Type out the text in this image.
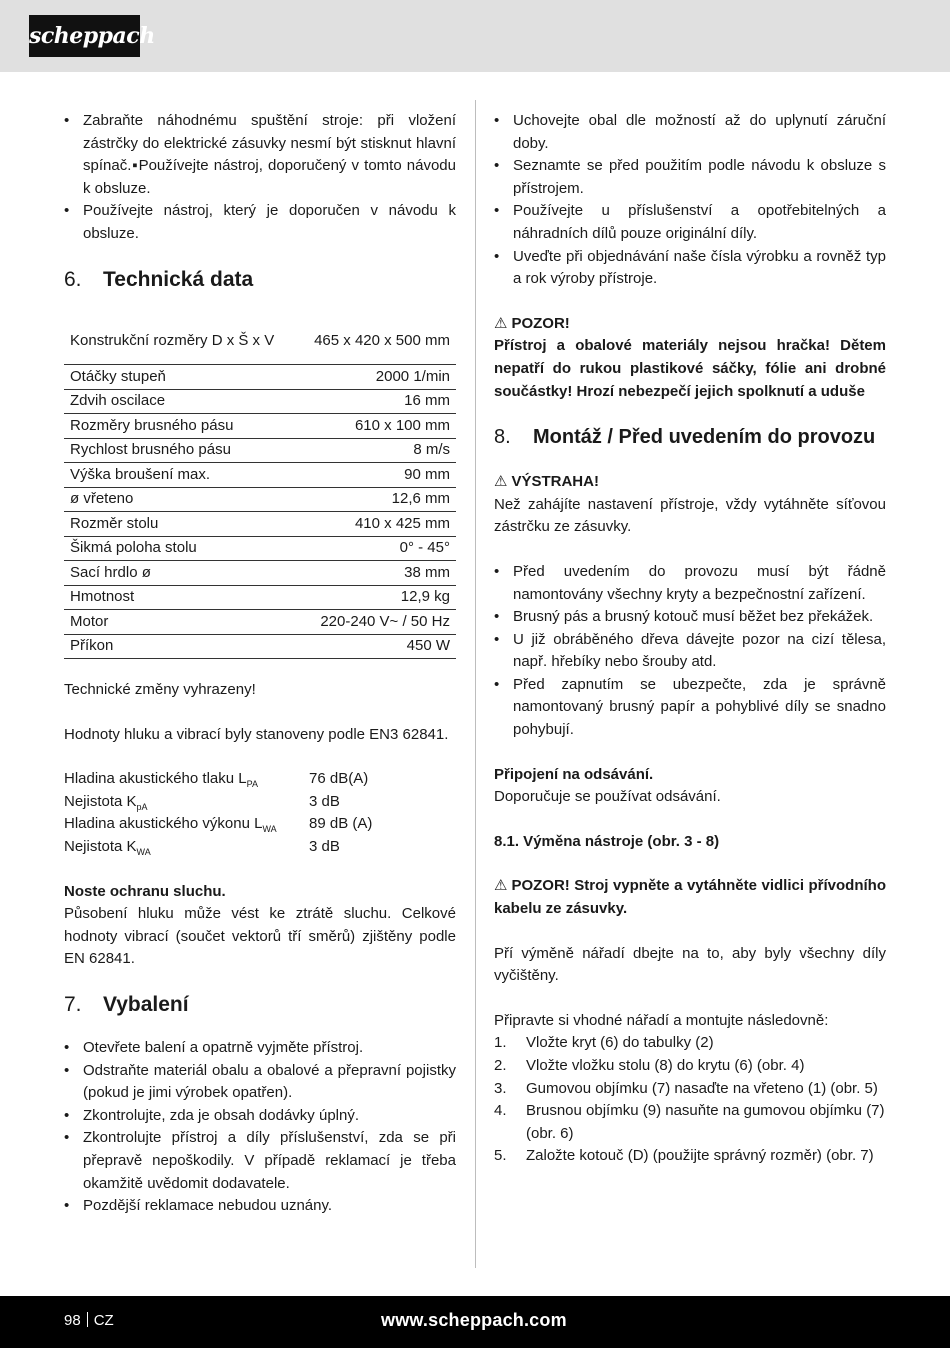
scheppach
• Zabraňte náhodnému spuštění stroje: při vložení zástrčky do elektrické zásuvky nesmí být stisknut hlavní spínač.▪Používejte nástroj, doporučený v tomto návodu k obsluze.
• Používejte nástroj, který je doporučen v návodu k obsluze.
6.	Technická data
Konstrukční rozměry D x Š x V	465 x 420 x 500 mm
Otáčky stupeň	2000 1/min
Zdvih oscilace	16 mm
Rozměry brusného pásu	610 x 100 mm
Rychlost brusného pásu	8 m/s
Výška broušení max.	90 mm
ø vřeteno	12,6 mm
Rozměr stolu	410 x 425 mm
Šikmá poloha stolu	0° - 45°
Sací hrdlo ø	38 mm
Hmotnost	12,9 kg
Motor	220-240 V~ / 50 Hz
Příkon	450 W

Technické změny vyhrazeny!

Hodnoty hluku a vibrací byly stanoveny podle EN3 62841.

Hladina akustického tlaku $L_{PA}$	76 dB(A)
Nejistota $K_{pA}$	3 dB
Hladina akustického výkonu $L_{WA}$	89 dB (A)
Nejistota $K_{WA}$	3 dB

Noste ochranu sluchu.

Působení hluku může vést ke ztrátě sluchu. Celkové hodnoty vibrací (součet vektorů tří směrů) zjištěny podle EN 62841.

7.	Vybalení
• Otevřete balení a opatrně vyjměte přístroj.
• Odstraňte materiál obalu a obalové a přepravní pojistky (pokud je jimi výrobek opatřen).
• Zkontrolujte, zda je obsah dodávky úplný.
• Zkontrolujte přístroj a díly příslušenství, zda se při přepravě nepoškodily. V případě reklamací je třeba okamžitě uvědomit dodavatele.
• Pozdější reklamace nebudou uznány.
• Uchovejte obal dle možností až do uplynutí záruční doby.
• Seznamte se před použitím podle návodu k obsluze s přístrojem.
• Používejte u příslušenství a opotřebitelných a náhradních dílů pouze originální díly.
• Uveďte při objednávání naše čísla výrobku a rovněž typ a rok výroby přístroje.

⚠ POZOR!

Přístroj a obalové materiály nejsou hračka! Dětem nepatří do rukou plastikové sáčky, fólie ani drobné součástky! Hrozí nebezpečí jejich spolknutí a uduše

8.	Montáž / Před uvedením do provozu

⚠ VÝSTRAHA!

Než zahájíte nastavení přístroje, vždy vytáhněte síťovou zástrčku ze zásuvky.

• Před uvedením do provozu musí být řádně namontovány všechny kryty a bezpečnostní zařízení.
• Brusný pás a brusný kotouč musí běžet bez překážek.
• U již obráběného dřeva dávejte pozor na cizí tělesa, např. hřebíky nebo šrouby atd.
• Před zapnutím se ubezpečte, zda je správně namontovaný brusný papír a pohyblivé díly se snadno pohybují.

Připojení na odsávání.

Doporučuje se používat odsávání.

8.1. Výměna nástroje (obr. 3 - 8)

⚠ POZOR! Stroj vypněte a vytáhněte vidlici přívodního kabelu ze zásuvky.

Pří výměně nářadí dbejte na to, aby byly všechny díly vyčištěny.

Připravte si vhodné nářadí a montujte následovně:

1. Vložte kryt (6) do tabulky (2)
2. Vložte vložku stolu (8) do krytu (6) (obr. 4)
3. Gumovou objímku (7) nasaďte na vřeteno (1) (obr. 5)
4. Brusnou objímku (9) nasuňte na gumovou objímku (7) (obr. 6)
5. Založte kotouč (D) (použijte správný rozměr) (obr. 7)
98 CZ	www.scheppach.com
